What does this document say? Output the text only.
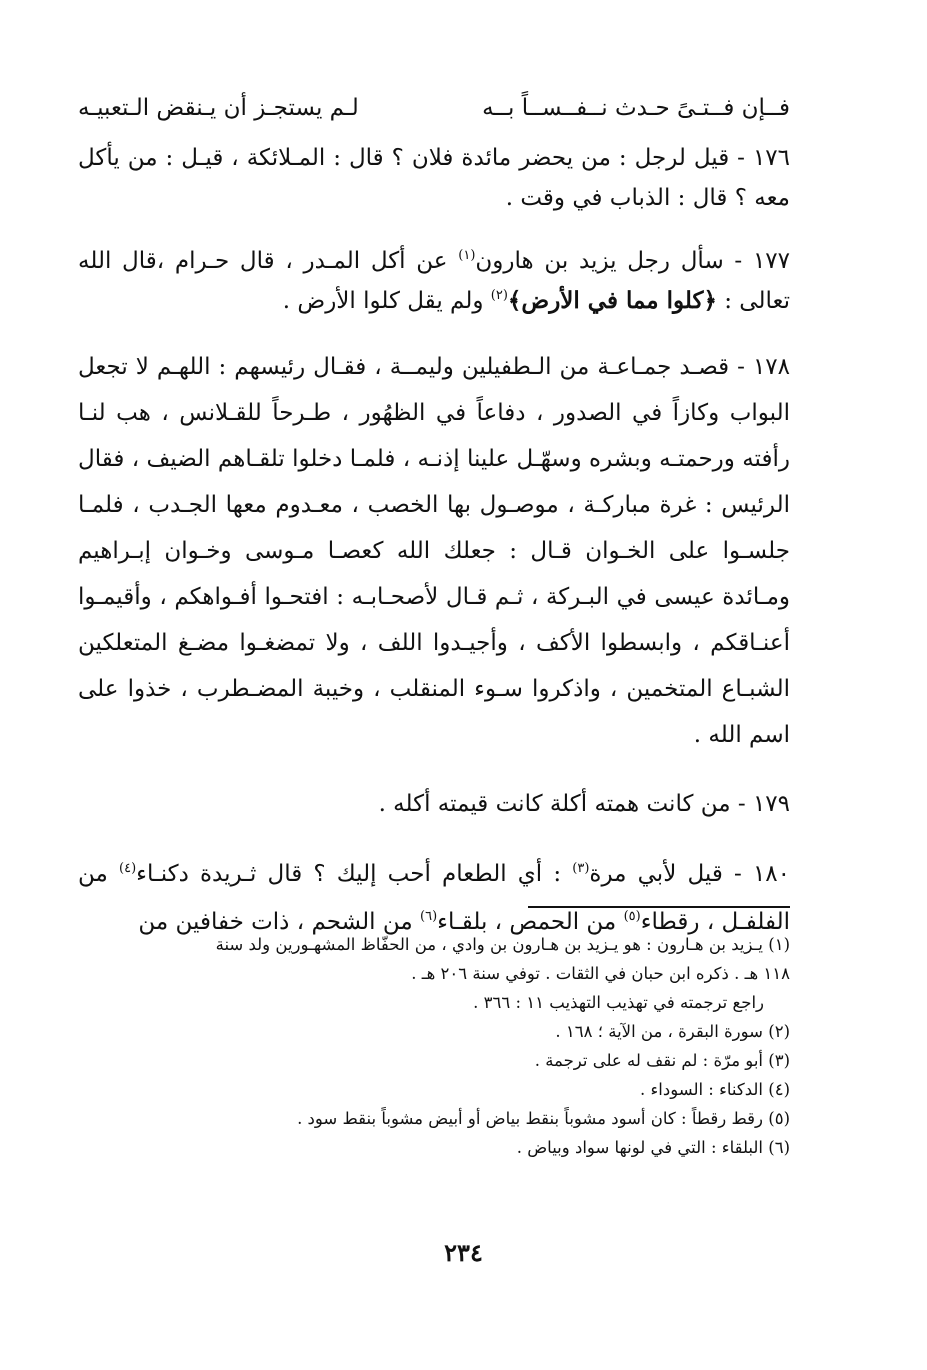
فــإن فــتـىً حـدث نــفــســاً بــه
لـم يستجـز أن يـنقض الـتعبيـه

١٧٦ - قيل لرجل : من يحضر مائدة فلان ؟ قال : المـلائكة ، قيـل : من يأكل معه ؟ قال : الذباب في وقت .

١٧٧ - سأل رجل يزيد بن هارون$^{(١)}$ عن أكل المـدر ، قال حـرام ،قال الله تعالى : ﴿كلوا مما في الأرض﴾$^{(٢)}$ ولم يقل كلوا الأرض .

١٧٨ - قصـد جمـاعـة من الـطفيلين وليمــة ، فقـال رئيسهم : اللهـم لا تجعل البواب وكازاً في الصدور ، دفاعاً في الظهُور ، طـرحاً للقـلانس ، هب لنـا رأفته ورحمتـه وبشره وسهّـل علينا إذنـه ، فلمـا دخلوا تلقـاهم الضيف ، فقال الرئيس : غرة مباركـة ، موصـول بها الخصب ، معـدوم معها الجـدب ، فلمـا جلسـوا على الخـوان قـال : جعلك الله كعصـا مـوسى وخـوان إبـراهيم ومـائدة عيسى في البـركة ، ثـم قـال لأصحـابـه : افتحـوا أفـواهكم ، وأقيمـوا أعنـاقكم ، وابسطوا الأكف ، وأجيـدوا اللف ، ولا تمضغـوا مضـغ المتعلكين الشبـاع المتخمين ، واذكروا سـوء المنقلب ، وخيبة المضـطرب ، خذوا على اسم الله .

١٧٩ - من كانت همته أكلة كانت قيمته أكله .

١٨٠ - قيل لأبي مرة$^{(٣)}$ : أي الطعام أحب إليك ؟ قال ثـريدة دكنـاء$^{(٤)}$ من الفلفـل ، رقطاء$^{(٥)}$ من الحمص ، بلقـاء$^{(٦)}$ من الشحم ، ذات خفافين من

(١) يـزيد بن هـارون : هو يـزيد بن هـارون بن وادي ، من الحفّاظ المشهـورين ولد سنة

١١٨ هـ . ذكره ابن حبان في الثقات . توفي سنة ٢٠٦ هـ .

راجع ترجمته في تهذيب التهذيب ١١ : ٣٦٦ .

(٢) سورة البقرة ، من الآية ؛ ١٦٨ .

(٣) أبو مرّة : لم نقف له على ترجمة .

(٤) الدكناء : السوداء .

(٥) رقط رقطاً : كان أسود مشوباً بنقط بياض أو أبيض مشوباً بنقط سود .

(٦) البلقاء : التي في لونها سواد وبياض .

٢٣٤
